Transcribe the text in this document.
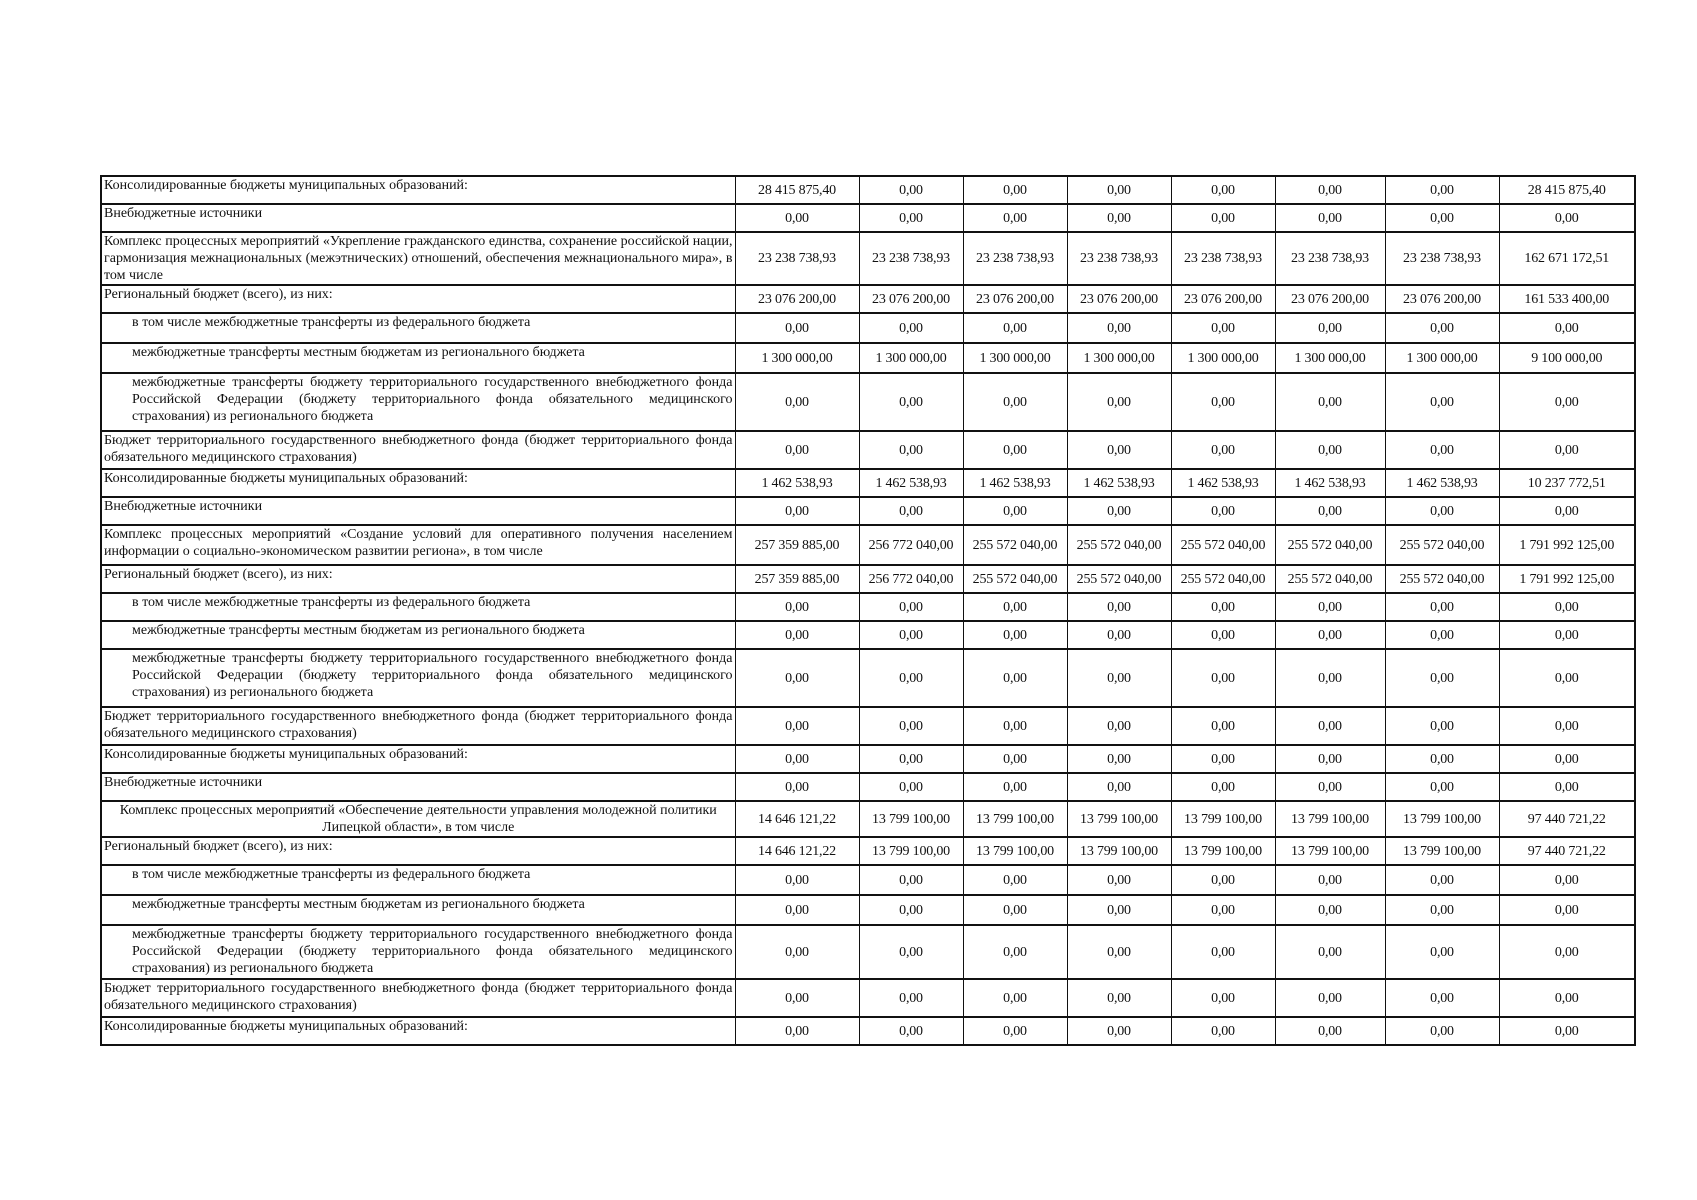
Консолидированные бюджеты муниципальных образований:	28 415 875,40	0,00	0,00	0,00	0,00	0,00	0,00	28 415 875,40
Внебюджетные источники	0,00	0,00	0,00	0,00	0,00	0,00	0,00	0,00
Комплекс процессных мероприятий «Укрепление гражданского единства, сохранение российской нации, гармонизация межнациональных (межэтнических) отношений, обеспечения межнационального мира», в том числе	23 238 738,93	23 238 738,93	23 238 738,93	23 238 738,93	23 238 738,93	23 238 738,93	23 238 738,93	162 671 172,51
Региональный бюджет (всего), из них:	23 076 200,00	23 076 200,00	23 076 200,00	23 076 200,00	23 076 200,00	23 076 200,00	23 076 200,00	161 533 400,00
в том числе межбюджетные трансферты из федерального бюджета	0,00	0,00	0,00	0,00	0,00	0,00	0,00	0,00
межбюджетные трансферты местным бюджетам из регионального бюджета	1 300 000,00	1 300 000,00	1 300 000,00	1 300 000,00	1 300 000,00	1 300 000,00	1 300 000,00	9 100 000,00
межбюджетные трансферты бюджету территориального государственного внебюджетного фонда Российской Федерации (бюджету территориального фонда обязательного медицинского страхования) из регионального бюджета	0,00	0,00	0,00	0,00	0,00	0,00	0,00	0,00
Бюджет территориального государственного внебюджетного фонда (бюджет территориального фонда обязательного медицинского страхования)	0,00	0,00	0,00	0,00	0,00	0,00	0,00	0,00
Консолидированные бюджеты муниципальных образований:	1 462 538,93	1 462 538,93	1 462 538,93	1 462 538,93	1 462 538,93	1 462 538,93	1 462 538,93	10 237 772,51
Внебюджетные источники	0,00	0,00	0,00	0,00	0,00	0,00	0,00	0,00
Комплекс процессных мероприятий «Создание условий для оперативного получения населением информации о социально-экономическом развитии региона», в том числе	257 359 885,00	256 772 040,00	255 572 040,00	255 572 040,00	255 572 040,00	255 572 040,00	255 572 040,00	1 791 992 125,00
Региональный бюджет (всего), из них:	257 359 885,00	256 772 040,00	255 572 040,00	255 572 040,00	255 572 040,00	255 572 040,00	255 572 040,00	1 791 992 125,00
в том числе межбюджетные трансферты из федерального бюджета	0,00	0,00	0,00	0,00	0,00	0,00	0,00	0,00
межбюджетные трансферты местным бюджетам из регионального бюджета	0,00	0,00	0,00	0,00	0,00	0,00	0,00	0,00
межбюджетные трансферты бюджету территориального государственного внебюджетного фонда Российской Федерации (бюджету территориального фонда обязательного медицинского страхования) из регионального бюджета	0,00	0,00	0,00	0,00	0,00	0,00	0,00	0,00
Бюджет территориального государственного внебюджетного фонда (бюджет территориального фонда обязательного медицинского страхования)	0,00	0,00	0,00	0,00	0,00	0,00	0,00	0,00
Консолидированные бюджеты муниципальных образований:	0,00	0,00	0,00	0,00	0,00	0,00	0,00	0,00
Внебюджетные источники	0,00	0,00	0,00	0,00	0,00	0,00	0,00	0,00
Комплекс процессных мероприятий «Обеспечение деятельности управления молодежной политики Липецкой области», в том числе	14 646 121,22	13 799 100,00	13 799 100,00	13 799 100,00	13 799 100,00	13 799 100,00	13 799 100,00	97 440 721,22
Региональный бюджет (всего), из них:	14 646 121,22	13 799 100,00	13 799 100,00	13 799 100,00	13 799 100,00	13 799 100,00	13 799 100,00	97 440 721,22
в том числе межбюджетные трансферты из федерального бюджета	0,00	0,00	0,00	0,00	0,00	0,00	0,00	0,00
межбюджетные трансферты местным бюджетам из регионального бюджета	0,00	0,00	0,00	0,00	0,00	0,00	0,00	0,00
межбюджетные трансферты бюджету территориального государственного внебюджетного фонда Российской Федерации (бюджету территориального фонда обязательного медицинского страхования) из регионального бюджета	0,00	0,00	0,00	0,00	0,00	0,00	0,00	0,00
Бюджет территориального государственного внебюджетного фонда (бюджет территориального фонда обязательного медицинского страхования)	0,00	0,00	0,00	0,00	0,00	0,00	0,00	0,00
Консолидированные бюджеты муниципальных образований:	0,00	0,00	0,00	0,00	0,00	0,00	0,00	0,00
